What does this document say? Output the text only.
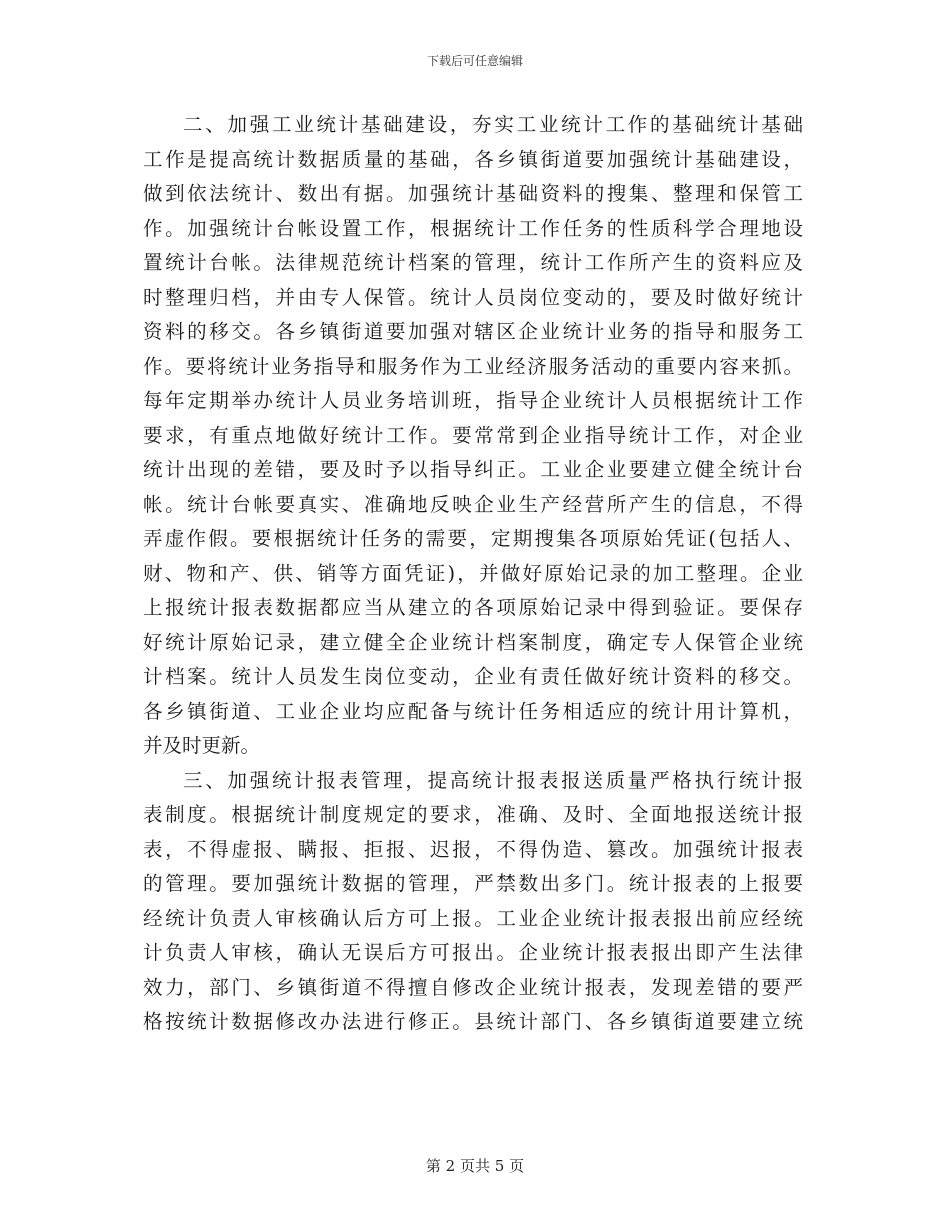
下载后可任意编辑
二、加强工业统计基础建设，夯实工业统计工作的基础统计基础
工作是提高统计数据质量的基础，各乡镇街道要加强统计基础建设，
做到依法统计、数出有据。加强统计基础资料的搜集、整理和保管工
作。加强统计台帐设置工作，根据统计工作任务的性质科学合理地设
置统计台帐。法律规范统计档案的管理，统计工作所产生的资料应及
时整理归档，并由专人保管。统计人员岗位变动的，要及时做好统计
资料的移交。各乡镇街道要加强对辖区企业统计业务的指导和服务工
作。要将统计业务指导和服务作为工业经济服务活动的重要内容来抓。
每年定期举办统计人员业务培训班，指导企业统计人员根据统计工作
要求，有重点地做好统计工作。要常常到企业指导统计工作，对企业
统计出现的差错，要及时予以指导纠正。工业企业要建立健全统计台
帐。统计台帐要真实、准确地反映企业生产经营所产生的信息，不得
弄虚作假。要根据统计任务的需要，定期搜集各项原始凭证(包括人、
财、物和产、供、销等方面凭证)，并做好原始记录的加工整理。企业
上报统计报表数据都应当从建立的各项原始记录中得到验证。要保存
好统计原始记录，建立健全企业统计档案制度，确定专人保管企业统
计档案。统计人员发生岗位变动，企业有责任做好统计资料的移交。
各乡镇街道、工业企业均应配备与统计任务相适应的统计用计算机，
并及时更新。
三、加强统计报表管理，提高统计报表报送质量严格执行统计报
表制度。根据统计制度规定的要求，准确、及时、全面地报送统计报
表，不得虚报、瞒报、拒报、迟报，不得伪造、篡改。加强统计报表
的管理。要加强统计数据的管理，严禁数出多门。统计报表的上报要
经统计负责人审核确认后方可上报。工业企业统计报表报出前应经统
计负责人审核，确认无误后方可报出。企业统计报表报出即产生法律
效力，部门、乡镇街道不得擅自修改企业统计报表，发现差错的要严
格按统计数据修改办法进行修正。县统计部门、各乡镇街道要建立统
第 2 页共 5 页
